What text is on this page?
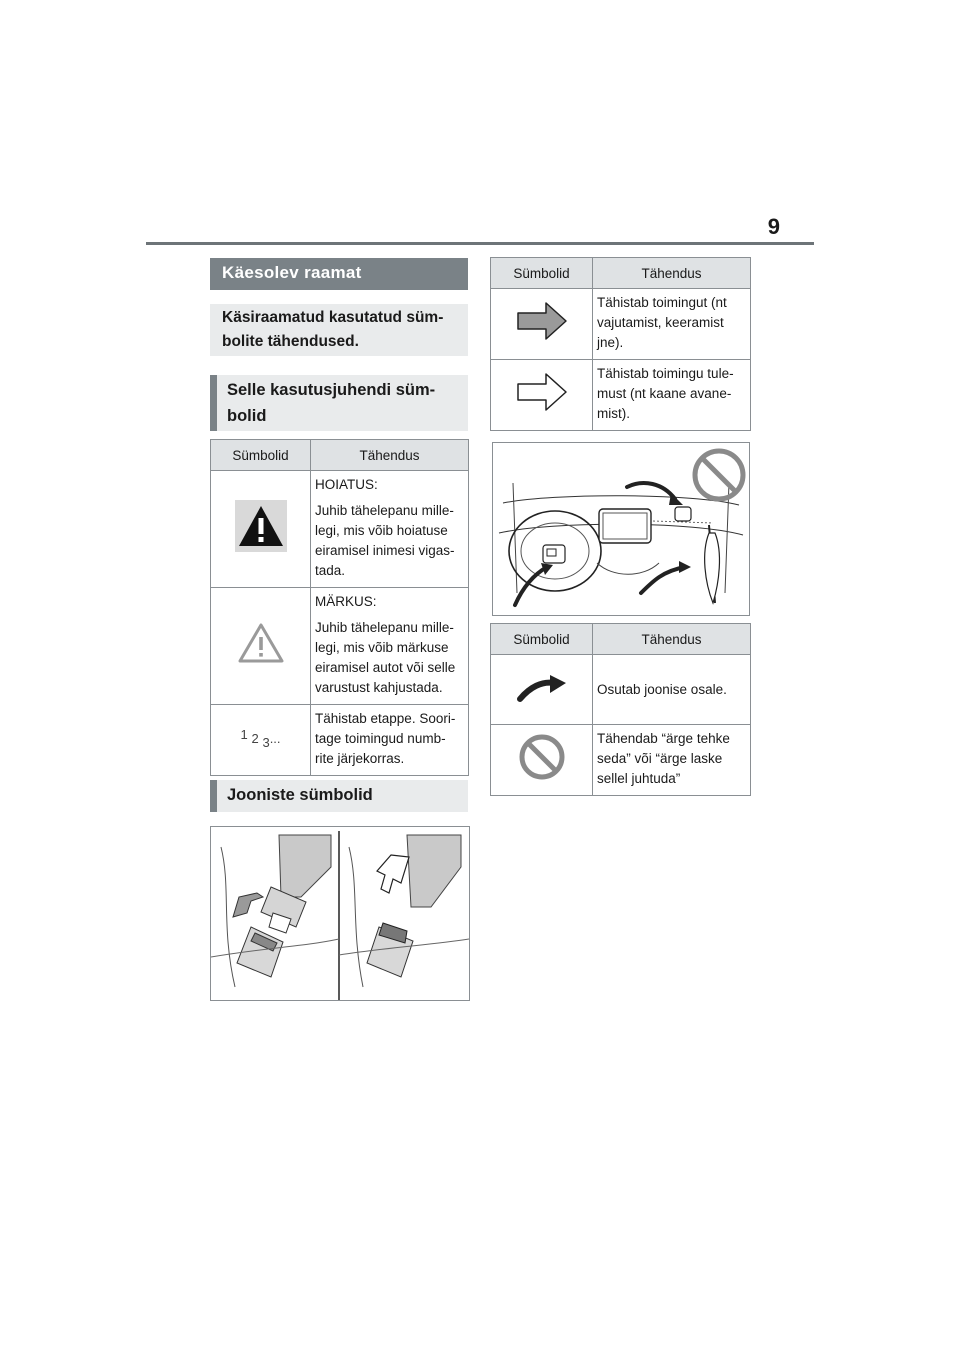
9
Käesolev raamat
Käsiraamatud kasutatud süm-
bolite tähendused.
Selle kasutusjuhendi süm-
bolid
Sümbolid	Tähendus

HOIATUS:
Juhib tähelepanu mille-
legi, mis võib hoiatuse
eiramisel inimesi vigas-
tada.

MÄRKUS:
Juhib tähelepanu mille-
legi, mis võib märkuse
eiramisel autot või selle
varustust kahjustada.

1 2 3...	Tähistab etappe. Soori-
tage toimingud numb-
rite järjekorras.
Jooniste sümbolid
Sümbolid	Tähendus

Tähistab toimingut (nt
vajutamist, keeramist
jne).

Tähistab toimingu tule-
must (nt kaane avane-
mist).
Sümbolid	Tähendus

Osutab joonise osale.

Tähendab “ärge tehke
seda” või “ärge laske
sellel juhtuda”
